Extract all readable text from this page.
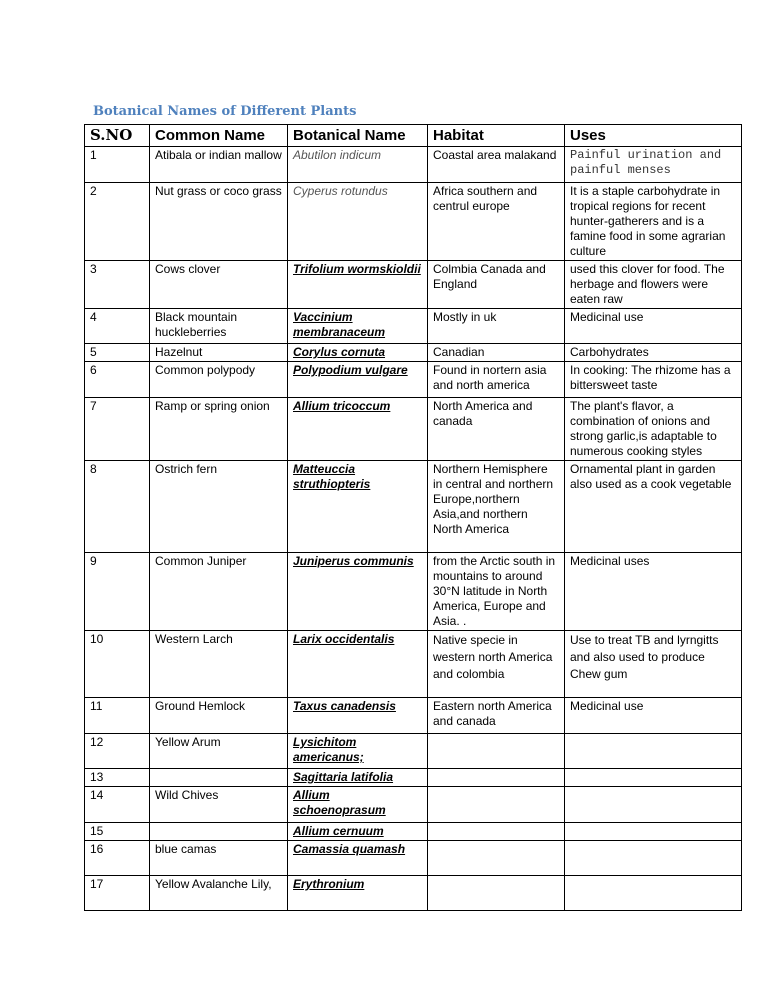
Botanical Names of Different Plants
S.NO	Common Name	Botanical Name	Habitat	Uses
1	Atibala or indian mallow	Abutilon indicum	Coastal area malakand	Painful urination and painful menses
2	Nut grass or coco grass	Cyperus rotundus	Africa southern and centrul europe	It is a staple carbohydrate in tropical regions for recent hunter-gatherers and is a famine food in some agrarian culture
3	Cows clover	Trifolium wormskioldii	Colmbia Canada and England	used this clover for food. The herbage and flowers were eaten raw
4	Black mountain huckleberries	Vaccinium membranaceum	Mostly in uk	Medicinal use
5	Hazelnut	Corylus cornuta	Canadian	Carbohydrates
6	Common polypody	Polypodium vulgare	Found in nortern asia and north america	In cooking: The rhizome has a bittersweet taste
7	Ramp or spring onion	Allium tricoccum	North America and canada	The plant's flavor, a combination of onions and strong garlic,is adaptable to numerous cooking styles
8	Ostrich fern	Matteuccia struthiopteris	Northern Hemisphere in central and northern Europe,northern Asia,and northern North America	Ornamental plant in garden also used as a cook vegetable
9	Common Juniper	Juniperus communis	from the Arctic south in mountains to around 30°N latitude in North America, Europe and Asia. .	Medicinal uses
10	Western Larch	Larix occidentalis	Native specie in western north America and colombia	Use to treat TB and lyrngitts and also used to produce Chew gum
11	Ground Hemlock	Taxus canadensis	Eastern north America and canada	Medicinal use
12	Yellow Arum	Lysichitom americanus;		
13		Sagittaria latifolia		
14	Wild Chives	Allium schoenoprasum		
15		Allium cernuum		
16	blue camas	Camassia quamash		
17	Yellow Avalanche Lily,	Erythronium		
